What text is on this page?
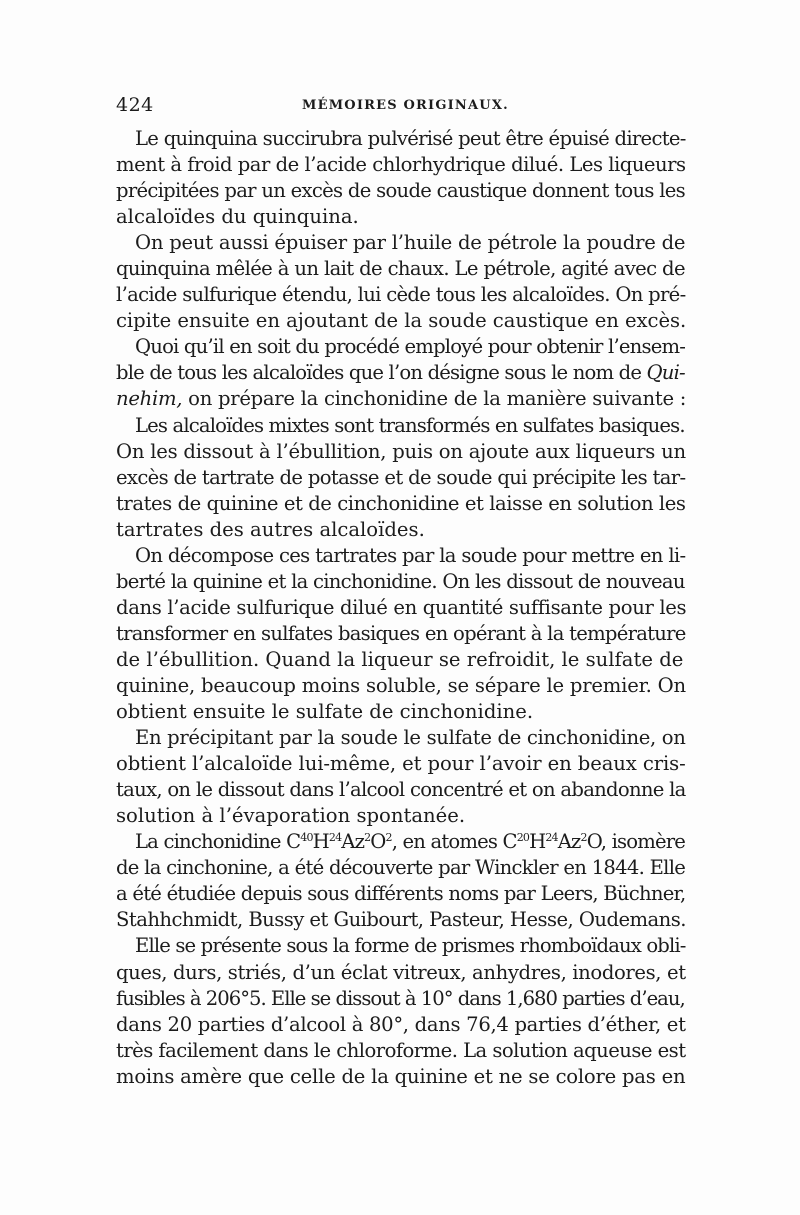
424	MÉMOIRES ORIGINAUX.
Le quinquina succirubra pulvérisé peut être épuisé directe-
ment à froid par de l’acide chlorhydrique dilué. Les liqueurs
précipitées par un excès de soude caustique donnent tous les
alcaloïdes du quinquina.
On peut aussi épuiser par l’huile de pétrole la poudre de
quinquina mêlée à un lait de chaux. Le pétrole, agité avec de
l’acide sulfurique étendu, lui cède tous les alcaloïdes. On pré-
cipite ensuite en ajoutant de la soude caustique en excès.
Quoi qu’il en soit du procédé employé pour obtenir l’ensem-
ble de tous les alcaloïdes que l’on désigne sous le nom de Qui-
nehim, on prépare la cinchonidine de la manière suivante :
Les alcaloïdes mixtes sont transformés en sulfates basiques.
On les dissout à l’ébullition, puis on ajoute aux liqueurs un
excès de tartrate de potasse et de soude qui précipite les tar-
trates de quinine et de cinchonidine et laisse en solution les
tartrates des autres alcaloïdes.
On décompose ces tartrates par la soude pour mettre en li-
berté la quinine et la cinchonidine. On les dissout de nouveau
dans l’acide sulfurique dilué en quantité suffisante pour les
transformer en sulfates basiques en opérant à la température
de l’ébullition. Quand la liqueur se refroidit, le sulfate de
quinine, beaucoup moins soluble, se sépare le premier. On
obtient ensuite le sulfate de cinchonidine.
En précipitant par la soude le sulfate de cinchonidine, on
obtient l’alcaloïde lui-même, et pour l’avoir en beaux cris-
taux, on le dissout dans l’alcool concentré et on abandonne la
solution à l’évaporation spontanée.
La cinchonidine $C^{40}H^{24}Az^2O^2$, en atomes $C^{20}H^{24}Az^2O$, isomère
de la cinchonine, a été découverte par Winckler en 1844. Elle
a été étudiée depuis sous différents noms par Leers, Büchner,
Stahhchmidt, Bussy et Guibourt, Pasteur, Hesse, Oudemans.
Elle se présente sous la forme de prismes rhomboïdaux obli-
ques, durs, striés, d’un éclat vitreux, anhydres, inodores, et
fusibles à 206°5. Elle se dissout à 10° dans 1,680 parties d’eau,
dans 20 parties d’alcool à 80°, dans 76,4 parties d’éther, et
très facilement dans le chloroforme. La solution aqueuse est
moins amère que celle de la quinine et ne se colore pas en
